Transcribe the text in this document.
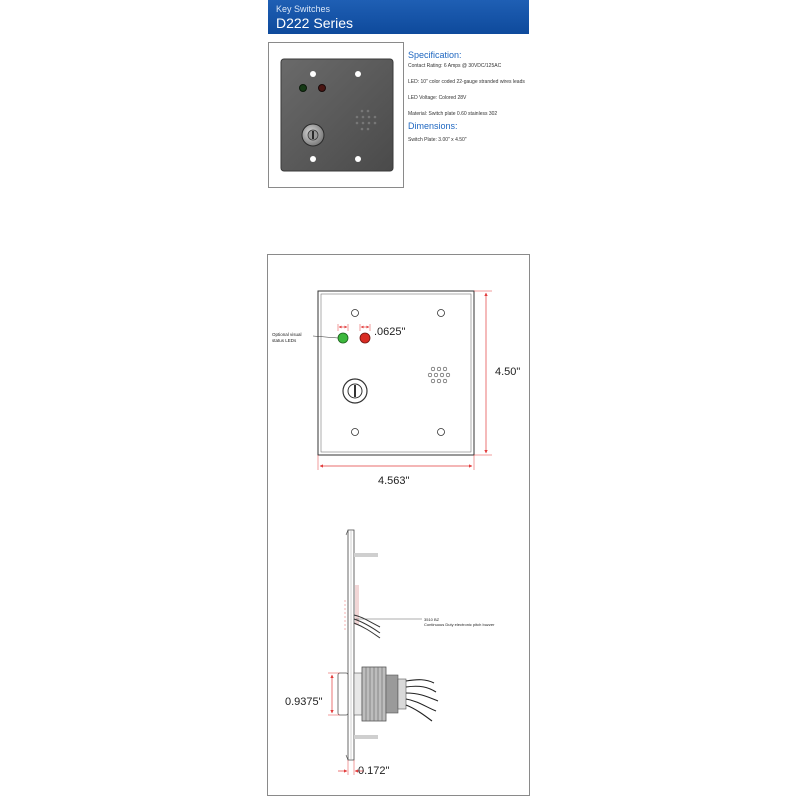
Key Switches
D222 Series
Specification:
Contact Rating: 6 Amps @ 30VDC/125AC
LED: 10" color coded 22-gauge stranded wires leads
LED Voltage: Colored 28V
Material: Switch plate 0.60 stainless 302
Dimensions:
Switch Plate: 3.00" x 4.50"
Optional visual
status LEDs
.0625"
4.50"
4.563"
3510 BZ
Continuous Duty electronic pitch buzzer
0.9375"
0.172"
